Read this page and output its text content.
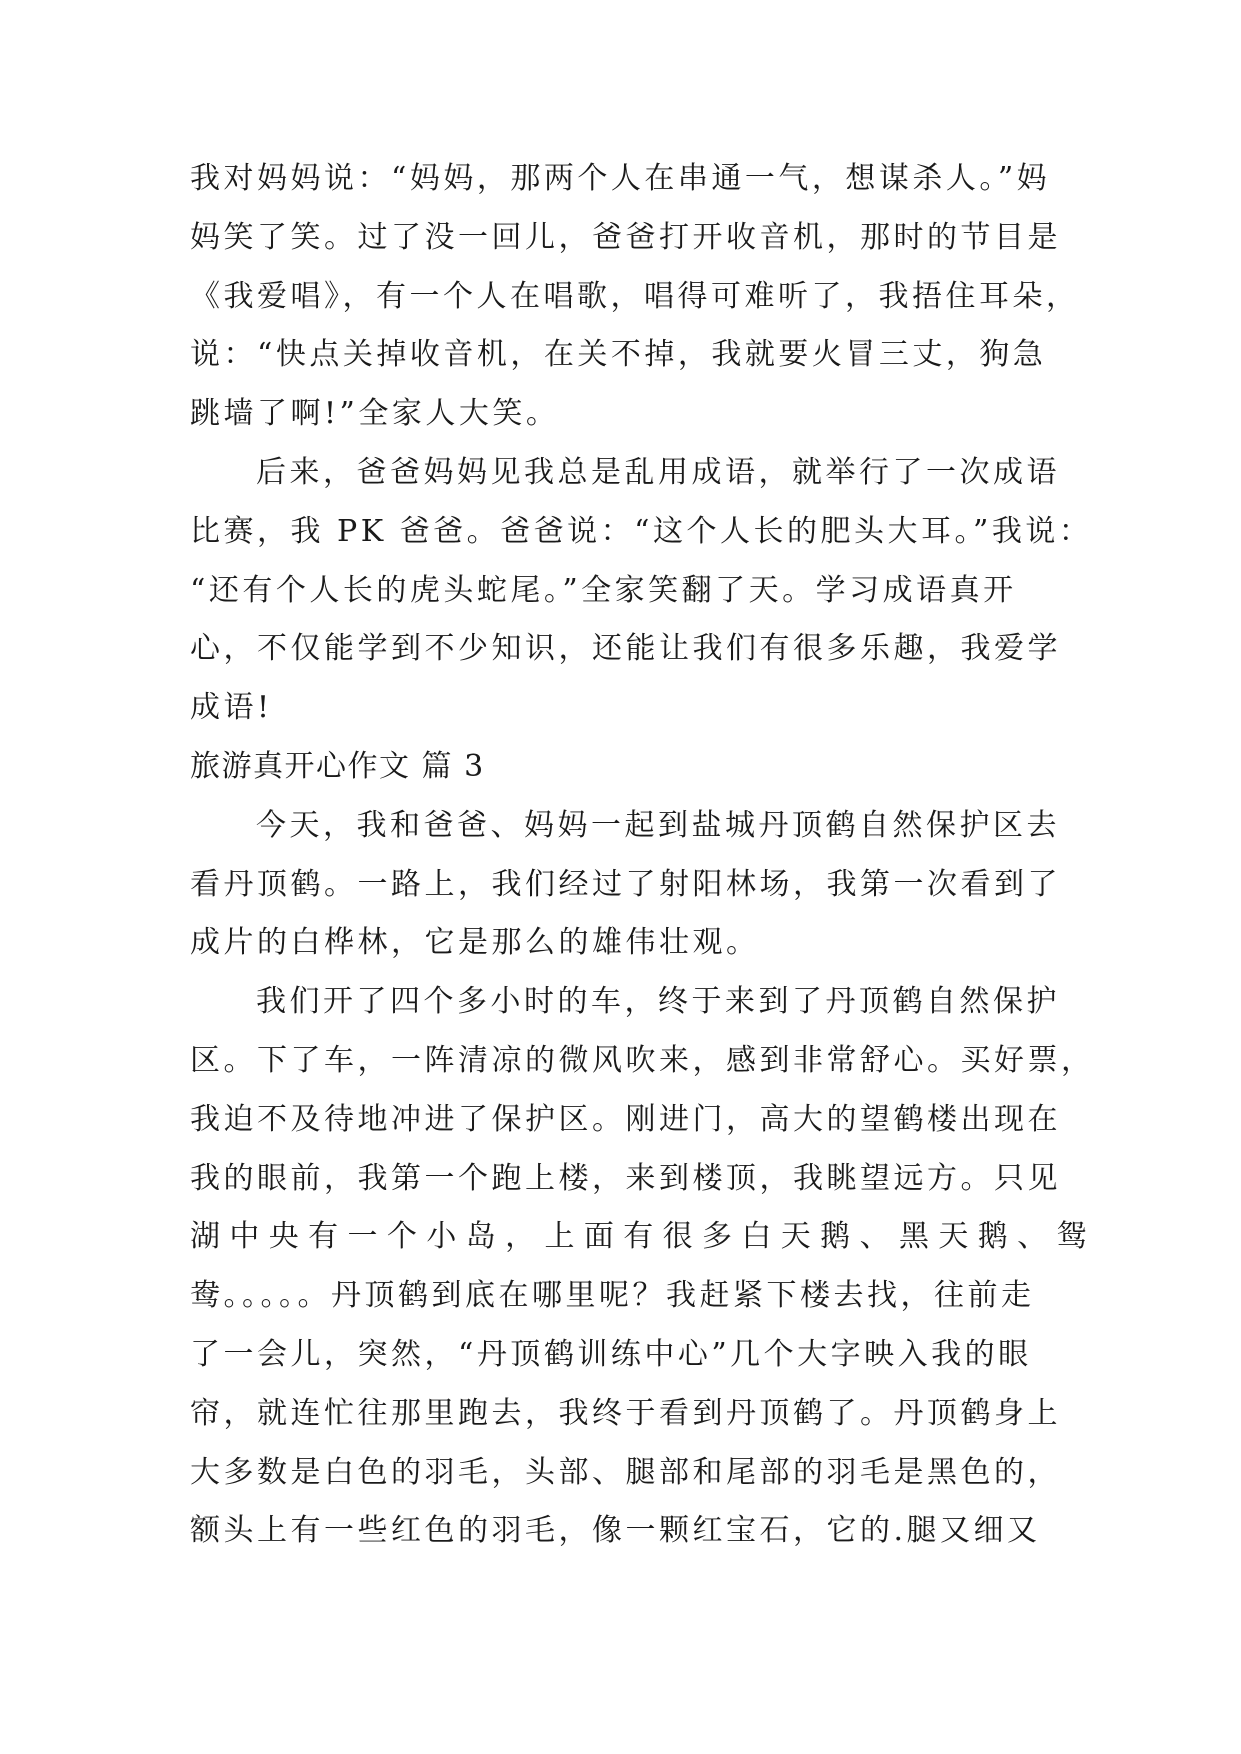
我对妈妈说：“妈妈，那两个人在串通一气，想谋杀人。”妈
妈笑了笑。过了没一回儿，爸爸打开收音机，那时的节目是
《我爱唱》，有一个人在唱歌，唱得可难听了，我捂住耳朵，
说：“快点关掉收音机，在关不掉，我就要火冒三丈，狗急
跳墙了啊!”全家人大笑。
后来，爸爸妈妈见我总是乱用成语，就举行了一次成语
比赛，我 PK 爸爸。爸爸说：“这个人长的肥头大耳。”我说：
“还有个人长的虎头蛇尾。”全家笑翻了天。学习成语真开
心，不仅能学到不少知识，还能让我们有很多乐趣，我爱学
成语!
旅游真开心作文 篇 3
今天，我和爸爸、妈妈一起到盐城丹顶鹤自然保护区去
看丹顶鹤。一路上，我们经过了射阳林场，我第一次看到了
成片的白桦林，它是那么的雄伟壮观。
我们开了四个多小时的车，终于来到了丹顶鹤自然保护
区。下了车，一阵清凉的微风吹来，感到非常舒心。买好票，
我迫不及待地冲进了保护区。刚进门，高大的望鹤楼出现在
我的眼前，我第一个跑上楼，来到楼顶，我眺望远方。只见
湖中央有一个小岛，上面有很多白天鹅、黑天鹅、鸳
鸯。。。。。丹顶鹤到底在哪里呢？我赶紧下楼去找，往前走
了一会儿，突然，“丹顶鹤训练中心”几个大字映入我的眼
帘，就连忙往那里跑去，我终于看到丹顶鹤了。丹顶鹤身上
大多数是白色的羽毛，头部、腿部和尾部的羽毛是黑色的，
额头上有一些红色的羽毛，像一颗红宝石，它的.腿又细又
